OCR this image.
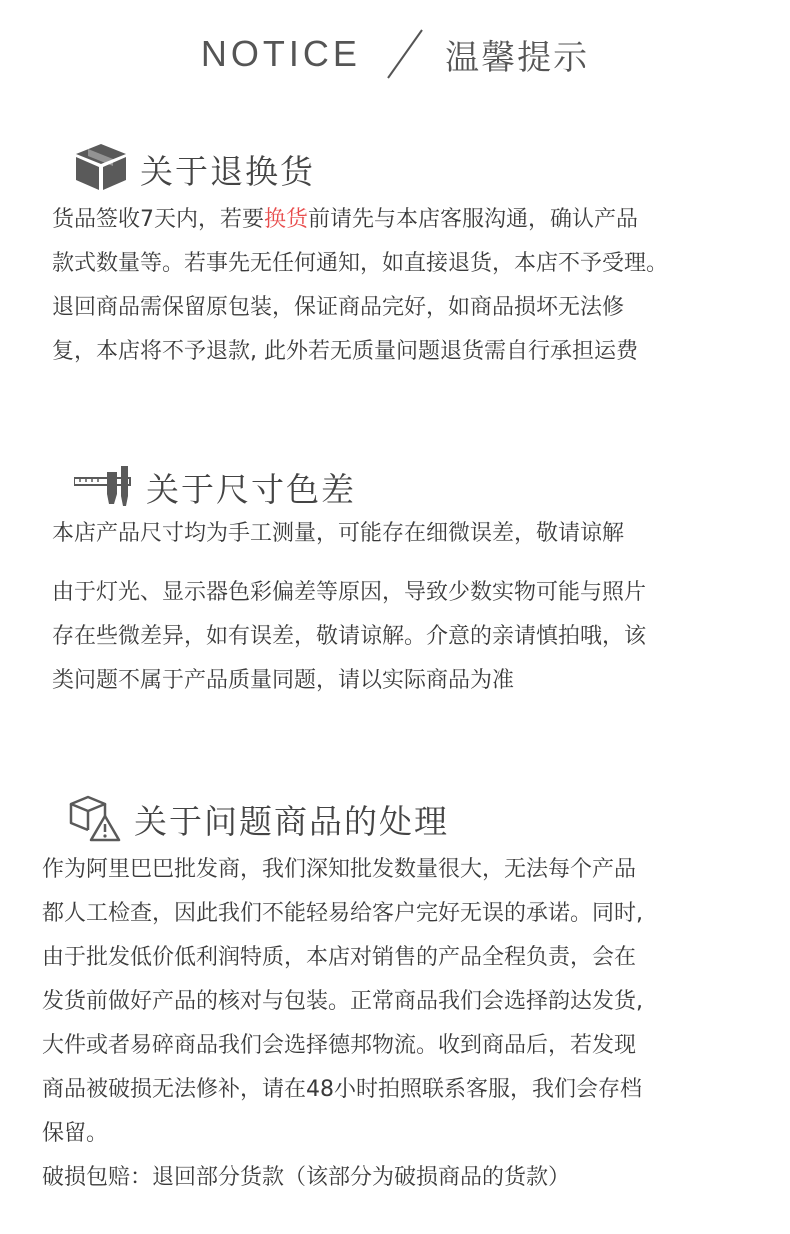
NOTICE 温馨提示
关于退换货
货品签收7天内，若要换货前请先与本店客服沟通，确认产品
款式数量等。若事先无任何通知，如直接退货，本店不予受理。
退回商品需保留原包装，保证商品完好，如商品损坏无法修
复，本店将不予退款, 此外若无质量问题退货需自行承担运费
关于尺寸色差
本店产品尺寸均为手工测量，可能存在细微误差，敬请谅解
由于灯光、显示器色彩偏差等原因，导致少数实物可能与照片
存在些微差异，如有误差，敬请谅解。介意的亲请慎拍哦，该
类问题不属于产品质量同题，请以实际商品为准
关于问题商品的处理
作为阿里巴巴批发商，我们深知批发数量很大，无法每个产品
都人工检查，因此我们不能轻易给客户完好无误的承诺。同时,
由于批发低价低利润特质，本店对销售的产品全程负责，会在
发货前做好产品的核对与包装。正常商品我们会选择韵达发货,
大件或者易碎商品我们会选择德邦物流。收到商品后，若发现
商品被破损无法修补，请在48小时拍照联系客服，我们会存档
保留。
破损包赔：退回部分货款（该部分为破损商品的货款）
